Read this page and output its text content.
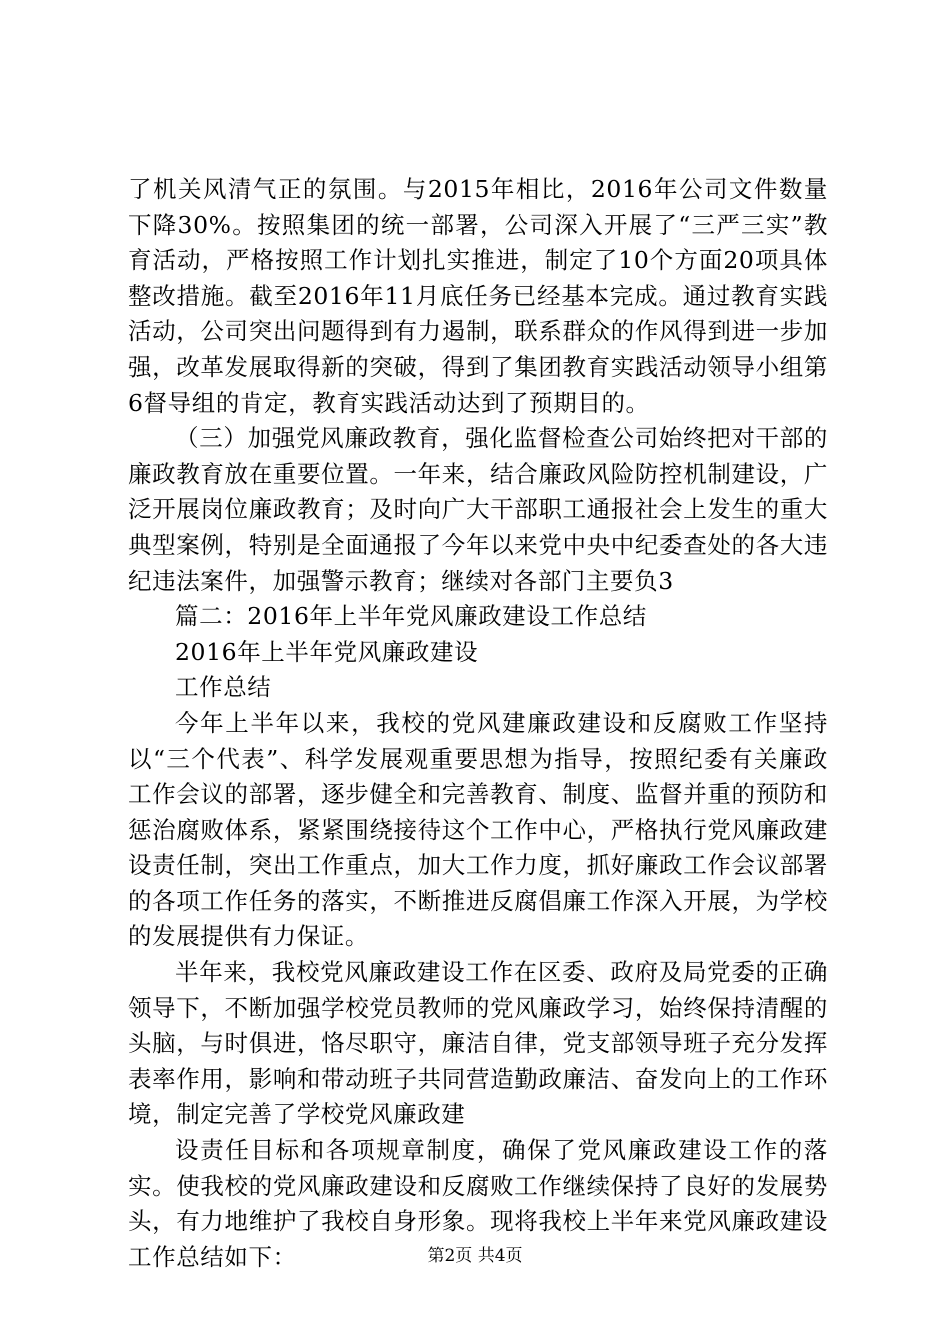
了机关风清气正的氛围。与2015年相比，2016年公司文件数量下降30%。按照集团的统一部署，公司深入开展了“三严三实”教育活动，严格按照工作计划扎实推进，制定了10个方面20项具体整改措施。截至2016年11月底任务已经基本完成。通过教育实践活动，公司突出问题得到有力遏制，联系群众的作风得到进一步加强，改革发展取得新的突破，得到了集团教育实践活动领导小组第6督导组的肯定，教育实践活动达到了预期目的。

（三）加强党风廉政教育，强化监督检查公司始终把对干部的廉政教育放在重要位置。一年来，结合廉政风险防控机制建设，广泛开展岗位廉政教育；及时向广大干部职工通报社会上发生的重大典型案例，特别是全面通报了今年以来党中央中纪委查处的各大违纪违法案件，加强警示教育；继续对各部门主要负3

篇二：2016年上半年党风廉政建设工作总结

2016年上半年党风廉政建设

工作总结

今年上半年以来，我校的党风建廉政建设和反腐败工作坚持以“三个代表”、科学发展观重要思想为指导，按照纪委有关廉政工作会议的部署，逐步健全和完善教育、制度、监督并重的预防和惩治腐败体系，紧紧围绕接待这个工作中心，严格执行党风廉政建设责任制，突出工作重点，加大工作力度，抓好廉政工作会议部署的各项工作任务的落实，不断推进反腐倡廉工作深入开展，为学校的发展提供有力保证。

半年来，我校党风廉政建设工作在区委、政府及局党委的正确领导下，不断加强学校党员教师的党风廉政学习，始终保持清醒的头脑，与时俱进，恪尽职守，廉洁自律，党支部领导班子充分发挥表率作用，影响和带动班子共同营造勤政廉洁、奋发向上的工作环境，制定完善了学校党风廉政建

设责任目标和各项规章制度，确保了党风廉政建设工作的落实。使我校的党风廉政建设和反腐败工作继续保持了良好的发展势头，有力地维护了我校自身形象。现将我校上半年来党风廉政建设工作总结如下：	第2页 共4页
